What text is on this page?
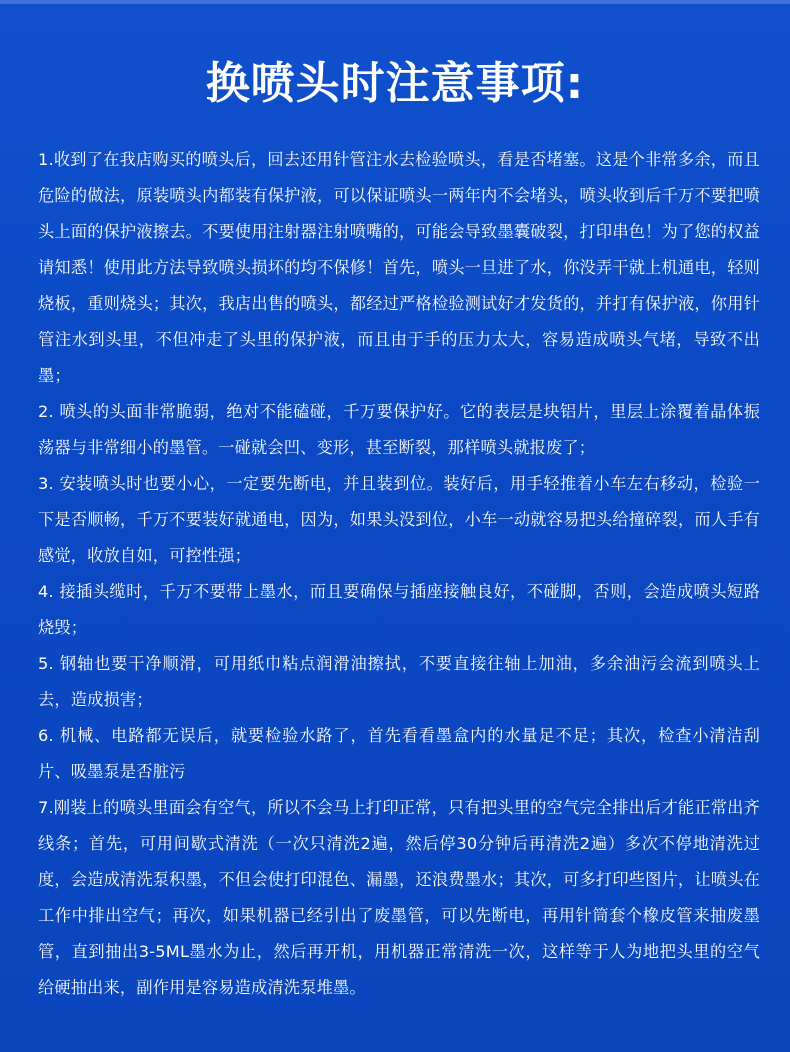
换喷头时注意事项:

1.收到了在我店购买的喷头后，回去还用针管注水去检验喷头，看是否堵塞。这是个非常多余，而且危险的做法，原装喷头内都装有保护液，可以保证喷头一两年内不会堵头，喷头收到后千万不要把喷头上面的保护液擦去。不要使用注射器注射喷嘴的，可能会导致墨囊破裂，打印串色！为了您的权益请知悉！使用此方法导致喷头损坏的均不保修！首先，喷头一旦进了水，你没弄干就上机通电，轻则烧板，重则烧头；其次，我店出售的喷头，都经过严格检验测试好才发货的，并打有保护液，你用针管注水到头里，不但冲走了头里的保护液，而且由于手的压力太大，容易造成喷头气堵，导致不出墨；

2. 喷头的头面非常脆弱，绝对不能磕碰，千万要保护好。它的表层是块铝片，里层上涂覆着晶体振荡器与非常细小的墨管。一碰就会凹、变形，甚至断裂，那样喷头就报废了；

3. 安装喷头时也要小心，一定要先断电，并且装到位。装好后，用手轻推着小车左右移动，检验一下是否顺畅，千万不要装好就通电，因为，如果头没到位，小车一动就容易把头给撞碎裂，而人手有感觉，收放自如，可控性强；

4. 接插头缆时，千万不要带上墨水，而且要确保与插座接触良好，不碰脚，否则，会造成喷头短路烧毁；

5. 钢轴也要干净顺滑，可用纸巾粘点润滑油擦拭，不要直接往轴上加油，多余油污会流到喷头上去，造成损害；

6. 机械、电路都无误后，就要检验水路了，首先看看墨盒内的水量足不足；其次，检查小清洁刮片、吸墨泵是否脏污

7.刚装上的喷头里面会有空气，所以不会马上打印正常，只有把头里的空气完全排出后才能正常出齐线条；首先，可用间歇式清洗（一次只清洗2遍，然后停30分钟后再清洗2遍）多次不停地清洗过度，会造成清洗泵积墨，不但会使打印混色、漏墨，还浪费墨水；其次，可多打印些图片，让喷头在工作中排出空气；再次，如果机器已经引出了废墨管，可以先断电，再用针筒套个橡皮管来抽废墨管，直到抽出3-5ML墨水为止，然后再开机，用机器正常清洗一次，这样等于人为地把头里的空气给硬抽出来，副作用是容易造成清洗泵堆墨。
